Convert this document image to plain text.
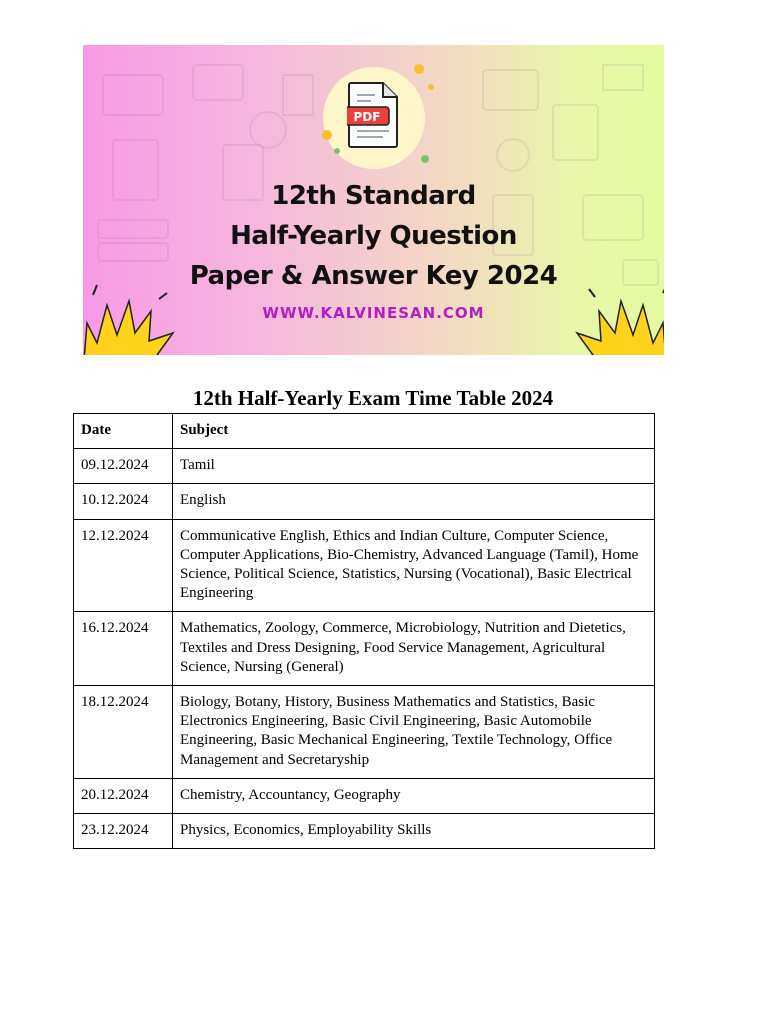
PDF
12th Standard
Half-Yearly Question
Paper & Answer Key 2024
WWW.KALVINESAN.COM
12th Half-Yearly Exam Time Table 2024
Date	Subject
09.12.2024	Tamil
10.12.2024	English
12.12.2024	Communicative English, Ethics and Indian Culture, Computer Science, Computer Applications, Bio-Chemistry, Advanced Language (Tamil), Home Science, Political Science, Statistics, Nursing (Vocational), Basic Electrical Engineering
16.12.2024	Mathematics, Zoology, Commerce, Microbiology, Nutrition and Dietetics, Textiles and Dress Designing, Food Service Management, Agricultural Science, Nursing (General)
18.12.2024	Biology, Botany, History, Business Mathematics and Statistics, Basic Electronics Engineering, Basic Civil Engineering, Basic Automobile Engineering, Basic Mechanical Engineering, Textile Technology, Office Management and Secretaryship
20.12.2024	Chemistry, Accountancy, Geography
23.12.2024	Physics, Economics, Employability Skills
